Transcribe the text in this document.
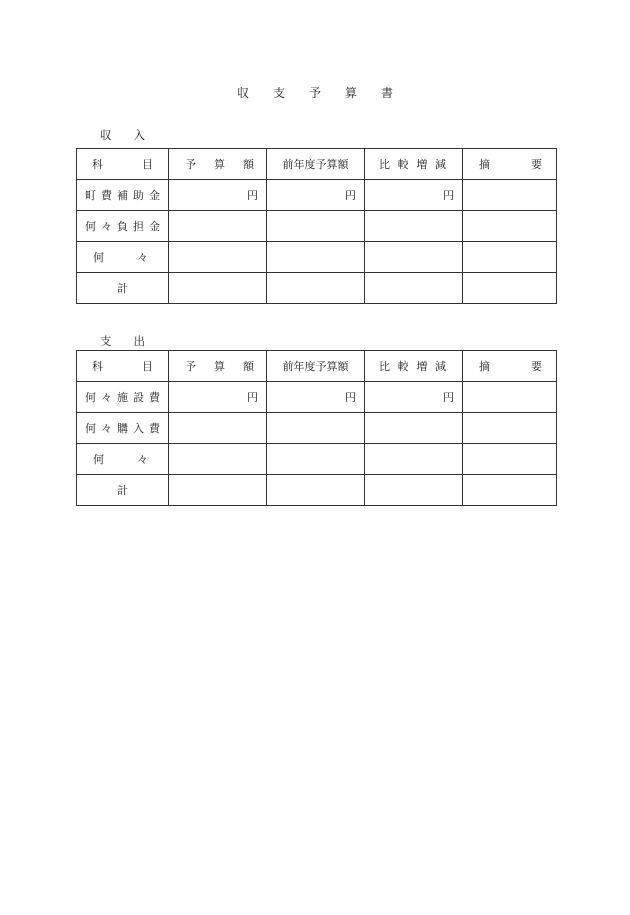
収支予算書
収入
科 目	予 算 額	前年度予算額	比 較 増 減	摘 要

町 費 補 助 金	円	円	円	

何 々 負 担 金				

何 々				

計				
支出
科 目	予 算 額	前年度予算額	比 較 増 減	摘 要

何 々 施 設 費	円	円	円	

何 々 購 入 費				

何 々				

計				
